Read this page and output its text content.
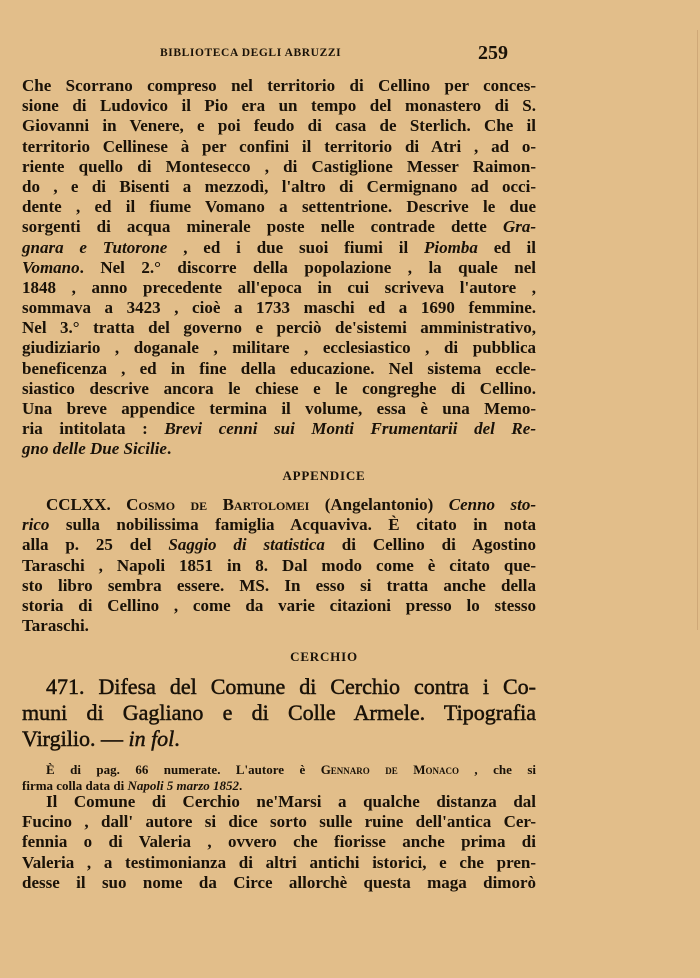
BIBLIOTECA DEGLI ABRUZZI	259
Che Scorrano compreso nel territorio di Cellino per conces-
sione di Ludovico il Pio era un tempo del monastero di S.
Giovanni in Venere, e poi feudo di casa de Sterlich. Che il
territorio Cellinese à per confini il territorio di Atri , ad o-
riente quello di Montesecco , di Castiglione Messer Raimon-
do , e di Bisenti a mezzodì, l'altro di Cermignano ad occi-
dente , ed il fiume Vomano a settentrione. Descrive le due
sorgenti di acqua minerale poste nelle contrade dette Gra-
gnara e Tutorone , ed i due suoi fiumi il Piomba ed il
Vomano. Nel 2.° discorre della popolazione , la quale nel
1848 , anno precedente all'epoca in cui scriveva l'autore ,
sommava a 3423 , cioè a 1733 maschi ed a 1690 femmine.
Nel 3.° tratta del governo e perciò de'sistemi amministrativo,
giudiziario , doganale , militare , ecclesiastico , di pubblica
beneficenza , ed in fine della educazione. Nel sistema eccle-
siastico descrive ancora le chiese e le congreghe di Cellino.
Una breve appendice termina il volume, essa è una Memo-
ria intitolata : Brevi cenni sui Monti Frumentarii del Re-
gno delle Due Sicilie.
APPENDICE
CCLXX. Cosmo de Bartolomei (Angelantonio) Cenno sto-
rico sulla nobilissima famiglia Acquaviva. È citato in nota
alla p. 25 del Saggio di statistica di Cellino di Agostino
Taraschi , Napoli 1851 in 8. Dal modo come è citato que-
sto libro sembra essere. MS. In esso si tratta anche della
storia di Cellino , come da varie citazioni presso lo stesso
Taraschi.
CERCHIO
471. Difesa del Comune di Cerchio contra i Co-
muni di Gagliano e di Colle Armele. Tipografia
Virgilio. — in fol.
È di pag. 66 numerate. L'autore è Gennaro de Monaco , che si
firma colla data di Napoli 5 marzo 1852.
Il Comune di Cerchio ne'Marsi a qualche distanza dal
Fucino , dall' autore si dice sorto sulle ruine dell'antica Cer-
fennia o di Valeria , ovvero che fiorisse anche prima di
Valeria , a testimonianza di altri antichi istorici, e che pren-
desse il suo nome da Circe allorchè questa maga dimorò
